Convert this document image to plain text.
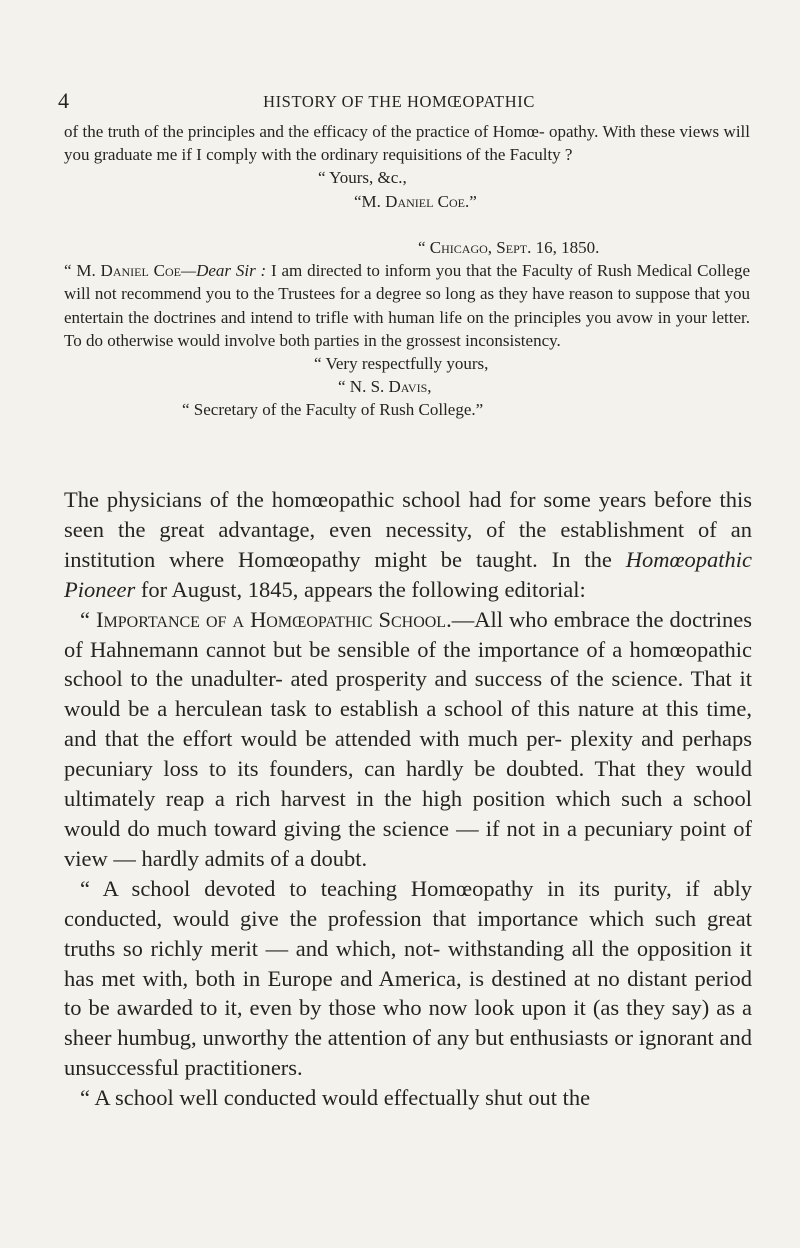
4	HISTORY OF THE HOMŒOPATHIC

of the truth of the principles and the efficacy of the practice of Homœ- opathy. With these views will you graduate me if I comply with the ordinary requisitions of the Faculty ?

“ Yours, &c.,
“M. Daniel Coe.”
“ Chicago, Sept. 16, 1850.

“ M. Daniel Coe—Dear Sir : I am directed to inform you that the Faculty of Rush Medical College will not recommend you to the Trustees for a degree so long as they have reason to suppose that you entertain the doctrines and intend to trifle with human life on the principles you avow in your letter. To do otherwise would involve both parties in the grossest inconsistency.

“ Very respectfully yours,
“ N. S. Davis,
“ Secretary of the Faculty of Rush College.”

The physicians of the homœopathic school had for some years before this seen the great advantage, even necessity, of the establishment of an institution where Homœopathy might be taught. In the Homœopathic Pioneer for August, 1845, appears the following editorial:

“ Importance of a Homœopathic School.—All who embrace the doctrines of Hahnemann cannot but be sensible of the importance of a homœopathic school to the unadulter- ated prosperity and success of the science. That it would be a herculean task to establish a school of this nature at this time, and that the effort would be attended with much per- plexity and perhaps pecuniary loss to its founders, can hardly be doubted. That they would ultimately reap a rich harvest in the high position which such a school would do much toward giving the science — if not in a pecuniary point of view — hardly admits of a doubt.

“ A school devoted to teaching Homœopathy in its purity, if ably conducted, would give the profession that importance which such great truths so richly merit — and which, not- withstanding all the opposition it has met with, both in Europe and America, is destined at no distant period to be awarded to it, even by those who now look upon it (as they say) as a sheer humbug, unworthy the attention of any but enthusiasts or ignorant and unsuccessful practitioners.

“ A school well conducted would effectually shut out the
